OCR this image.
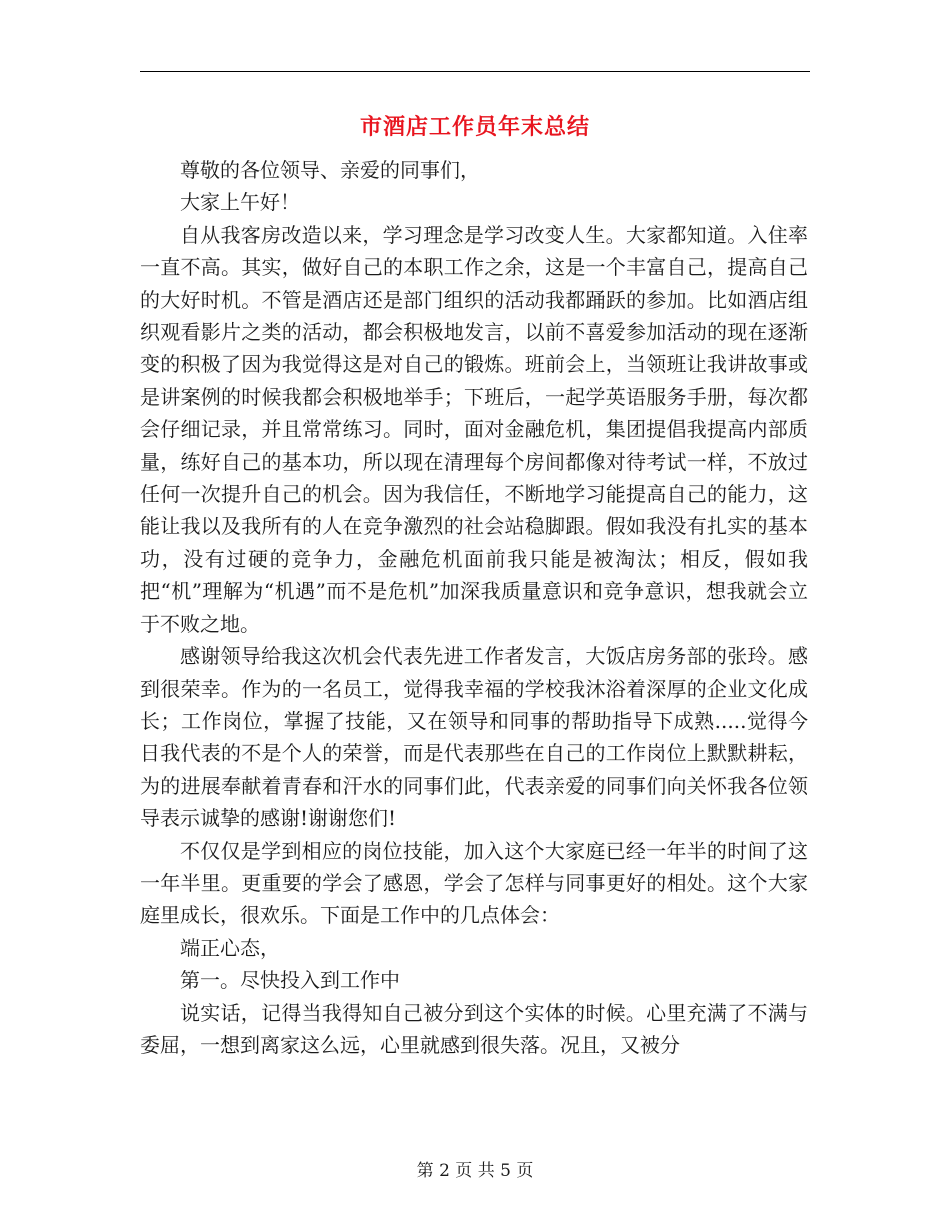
市酒店工作员年末总结

尊敬的各位领导、亲爱的同事们，

大家上午好！

自从我客房改造以来，学习理念是学习改变人生。大家都知道。入住率一直不高。其实，做好自己的本职工作之余，这是一个丰富自己，提高自己的大好时机。不管是酒店还是部门组织的活动我都踊跃的参加。比如酒店组织观看影片之类的活动，都会积极地发言，以前不喜爱参加活动的现在逐渐变的积极了因为我觉得这是对自己的锻炼。班前会上，当领班让我讲故事或是讲案例的时候我都会积极地举手；下班后，一起学英语服务手册，每次都会仔细记录，并且常常练习。同时，面对金融危机，集团提倡我提高内部质量，练好自己的基本功，所以现在清理每个房间都像对待考试一样，不放过任何一次提升自己的机会。因为我信任，不断地学习能提高自己的能力，这能让我以及我所有的人在竞争激烈的社会站稳脚跟。假如我没有扎实的基本功，没有过硬的竞争力，金融危机面前我只能是被淘汰；相反，假如我把“机”理解为“机遇”而不是危机”加深我质量意识和竞争意识，想我就会立于不败之地。

感谢领导给我这次机会代表先进工作者发言，大饭店房务部的张玲。感到很荣幸。作为的一名员工，觉得我幸福的学校我沐浴着深厚的企业文化成长；工作岗位，掌握了技能，又在领导和同事的帮助指导下成熟.....觉得今日我代表的不是个人的荣誉，而是代表那些在自己的工作岗位上默默耕耘，为的进展奉献着青春和汗水的同事们此，代表亲爱的同事们向关怀我各位领导表示诚挚的感谢!谢谢您们!

不仅仅是学到相应的岗位技能，加入这个大家庭已经一年半的时间了这一年半里。更重要的学会了感恩，学会了怎样与同事更好的相处。这个大家庭里成长，很欢乐。下面是工作中的几点体会：

端正心态，

第一。尽快投入到工作中

说实话，记得当我得知自己被分到这个实体的时候。心里充满了不满与委屈，一想到离家这么远，心里就感到很失落。况且，又被分

第 2 页 共 5 页
